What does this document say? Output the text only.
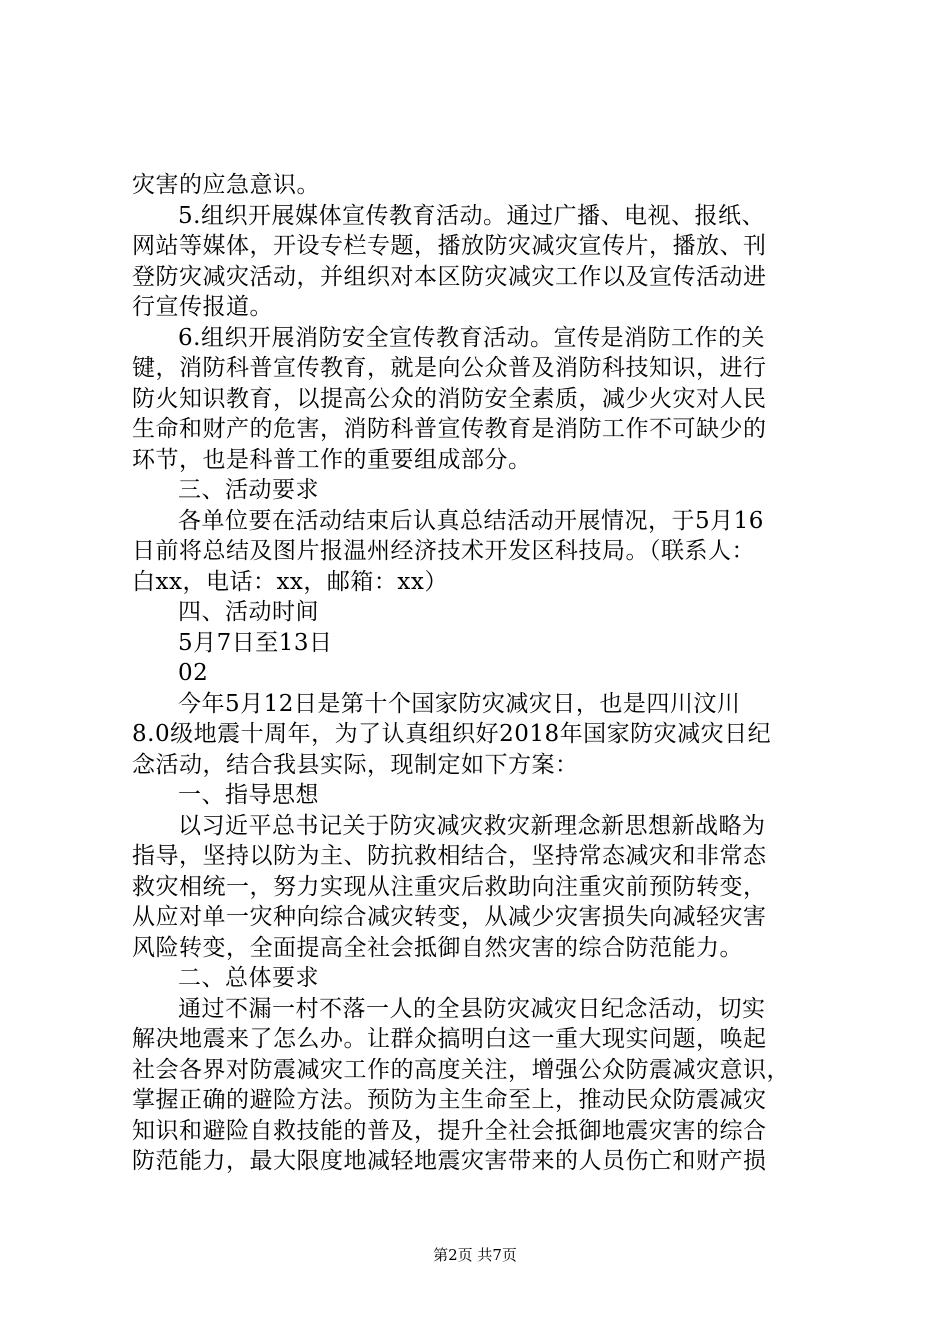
灾害的应急意识。
5.组织开展媒体宣传教育活动。通过广播、电视、报纸、
网站等媒体，开设专栏专题，播放防灾减灾宣传片，播放、刊
登防灾减灾活动，并组织对本区防灾减灾工作以及宣传活动进
行宣传报道。
6.组织开展消防安全宣传教育活动。宣传是消防工作的关
键，消防科普宣传教育，就是向公众普及消防科技知识，进行
防火知识教育，以提高公众的消防安全素质，减少火灾对人民
生命和财产的危害，消防科普宣传教育是消防工作不可缺少的
环节，也是科普工作的重要组成部分。
三、活动要求
各单位要在活动结束后认真总结活动开展情况，于5月16
日前将总结及图片报温州经济技术开发区科技局。（联系人：
白xx，电话：xx，邮箱：xx）
四、活动时间
5月7日至13日
02
今年5月12日是第十个国家防灾减灾日，也是四川汶川
8.0级地震十周年，为了认真组织好2018年国家防灾减灾日纪
念活动，结合我县实际，现制定如下方案：
一、指导思想
以习近平总书记关于防灾减灾救灾新理念新思想新战略为
指导，坚持以防为主、防抗救相结合，坚持常态减灾和非常态
救灾相统一，努力实现从注重灾后救助向注重灾前预防转变，
从应对单一灾种向综合减灾转变，从减少灾害损失向减轻灾害
风险转变，全面提高全社会抵御自然灾害的综合防范能力。
二、总体要求
通过不漏一村不落一人的全县防灾减灾日纪念活动，切实
解决地震来了怎么办。让群众搞明白这一重大现实问题，唤起
社会各界对防震减灾工作的高度关注，增强公众防震减灾意识，
掌握正确的避险方法。预防为主生命至上，推动民众防震减灾
知识和避险自救技能的普及，提升全社会抵御地震灾害的综合
防范能力，最大限度地减轻地震灾害带来的人员伤亡和财产损
第2页 共7页
